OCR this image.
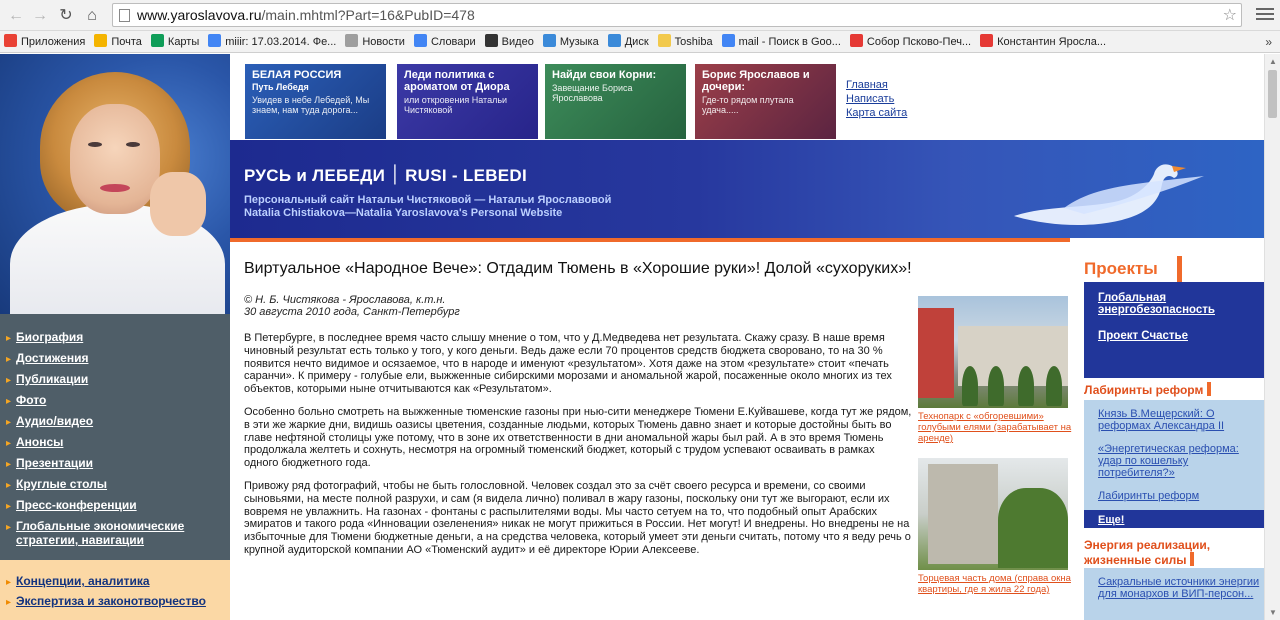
← → ↻ ⌂	www.yaroslavova.ru/main.mhtml?Part=16&PubID=478	☆
Приложения Почта Карты miiir: 17.03.2014. Фе... Новости Словари Видео Музыка Диск Toshiba mail - Поиск в Goo... Собор Псково-Печ... Константин Яросла...	»
▸ Биография
▸ Достижения
▸ Публикации
▸ Фото
▸ Аудио/видео
▸ Анонсы
▸ Презентации
▸ Круглые столы
▸ Пресс-конференции
▸ Глобальные экономические стратегии, навигации
▸ Концепции, аналитика
▸ Экспертиза и законотворчество
БЕЛАЯ РОССИЯ
Путь Лебедя
Увидев в небе Лебедей, Мы знаем, нам туда дорога...
Леди политика с ароматом от Диора
или откровения Натальи Чистяковой
Найди свои Корни:
Завещание Бориса Ярославова
Борис Ярославов и дочери:
Где-то рядом плутала удача.....
Главная
Написать
Карта сайта
РУСЬ и ЛЕБЕДИ ׀ RUSI - LEBEDI
Персональный сайт Натальи Чистяковой — Натальи Ярославовой
Natalia Chistiakova—Natalia Yaroslavova's Personal Website
Виртуальное «Народное Вече»: Отдадим Тюмень в «Хорошие руки»! Долой «сухоруких»!
© Н. Б. Чистякова - Ярославова, к.т.н.
30 августа 2010 года, Санкт-Петербург

В Петербурге, в последнее время часто слышу мнение о том, что у Д.Медведева нет результата. Скажу сразу. В наше время чиновный результат есть только у того, у кого деньги. Ведь даже если 70 процентов средств бюджета своровано, то на 30 % появится нечто видимое и осязаемое, что в народе и именуют «результатом». Хотя даже на этом «результате» стоит «печать саранчи». К примеру - голубые ели, выжженные сибирскими морозами и аномальной жарой, посаженные около многих из тех объектов, которыми ныне отчитываются как «Результатом».

Особенно больно смотреть на выжженные тюменские газоны при нью-сити менеджере Тюмени Е.Куйвашеве, когда тут же рядом, в эти же жаркие дни, видишь оазисы цветения, созданные людьми, которых Тюмень давно знает и которые достойны быть во главе нефтяной столицы уже потому, что в зоне их ответственности в дни аномальной жары был рай. А в это время Тюмень продолжала желтеть и сохнуть, несмотря на огромный тюменский бюджет, который с трудом успевают осваивать в рамках одного бюджетного года.

Привожу ряд фотографий, чтобы не быть голословной. Человек создал это за счёт своего ресурса и времени, со своими сыновьями, на месте полной разрухи, и сам (я видела лично) поливал в жару газоны, поскольку они тут же выгорают, если их вовремя не увлажнить. На газонах - фонтаны с распылителями воды. Мы часто сетуем на то, что подобный опыт Арабских эмиратов и такого рода «Инновации озеленения» никак не могут прижиться в России. Нет могут! И внедрены. Но внедрены не на избыточные для Тюмени бюджетные деньги, а на средства человека, который умеет эти деньги считать, потому что я веду речь о крупной аудиторской компании АО «Тюменский аудит» и её директоре Юрии Алексееве.

Технопарк с «обгоревшими» голубыми елями (зарабатывает на аренде)
Торцевая часть дома (справа окна квартиры, где я жила 22 года)
Проекты
Глобальная энергобезопасность
Проект Счастье
Лабиринты реформ
Князь В.Мещерский: О реформах Александра II
«Энергетическая реформа: удар по кошельку потребителя?»
Лабиринты реформ
Еще!
Энергия реализации, жизненные силы
Сакральные источники энергии для монархов и ВИП-персон...
▲
▼
